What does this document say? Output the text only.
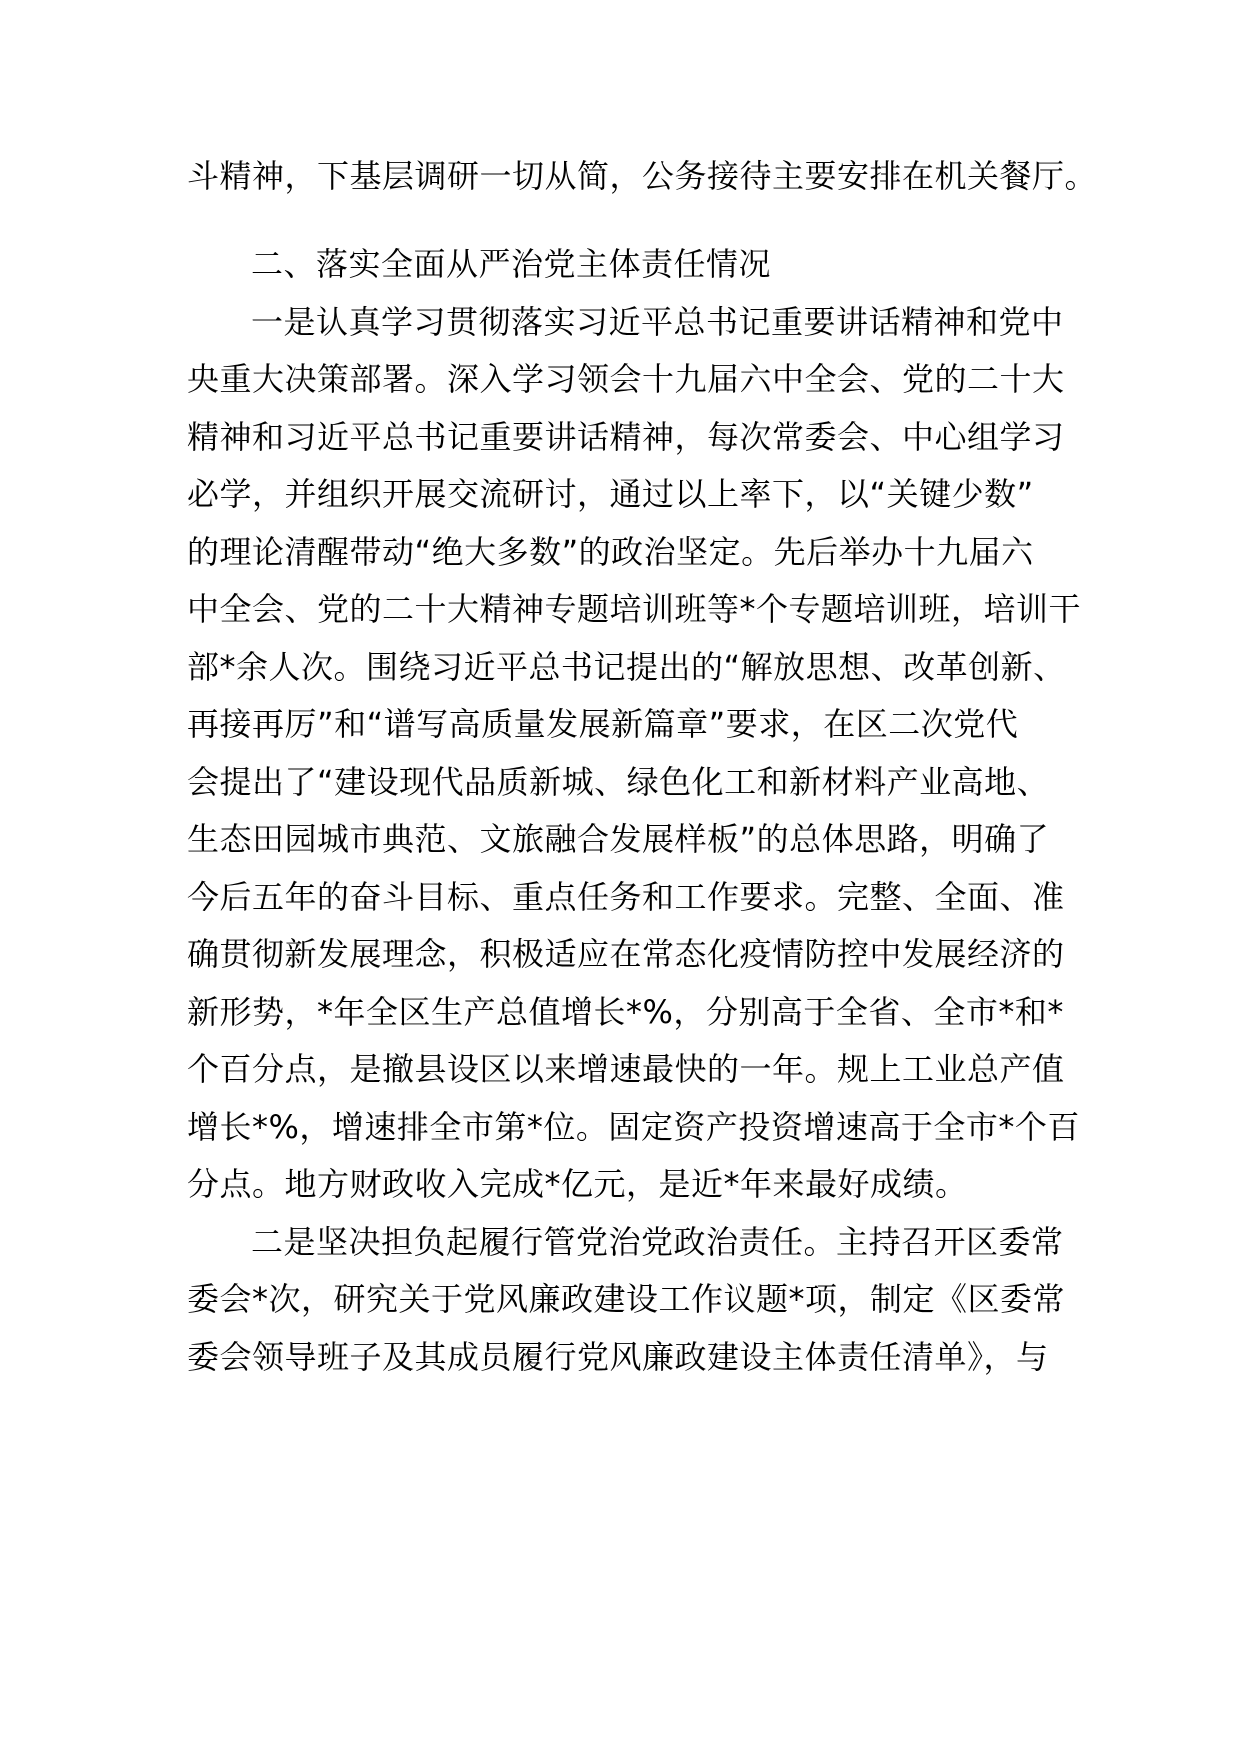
斗精神，下基层调研一切从简，公务接待主要安排在机关餐厅。
二、落实全面从严治党主体责任情况
一是认真学习贯彻落实习近平总书记重要讲话精神和党中
央重大决策部署。深入学习领会十九届六中全会、党的二十大
精神和习近平总书记重要讲话精神，每次常委会、中心组学习
必学，并组织开展交流研讨，通过以上率下，以“关键少数”
的理论清醒带动“绝大多数”的政治坚定。先后举办十九届六
中全会、党的二十大精神专题培训班等*个专题培训班，培训干
部*余人次。围绕习近平总书记提出的“解放思想、改革创新、
再接再厉”和“谱写高质量发展新篇章”要求，在区二次党代
会提出了“建设现代品质新城、绿色化工和新材料产业高地、
生态田园城市典范、文旅融合发展样板”的总体思路，明确了
今后五年的奋斗目标、重点任务和工作要求。完整、全面、准
确贯彻新发展理念，积极适应在常态化疫情防控中发展经济的
新形势，*年全区生产总值增长*%，分别高于全省、全市*和*
个百分点，是撤县设区以来增速最快的一年。规上工业总产值
增长*%，增速排全市第*位。固定资产投资增速高于全市*个百
分点。地方财政收入完成*亿元，是近*年来最好成绩。
二是坚决担负起履行管党治党政治责任。主持召开区委常
委会*次，研究关于党风廉政建设工作议题*项，制定《区委常
委会领导班子及其成员履行党风廉政建设主体责任清单》，与
